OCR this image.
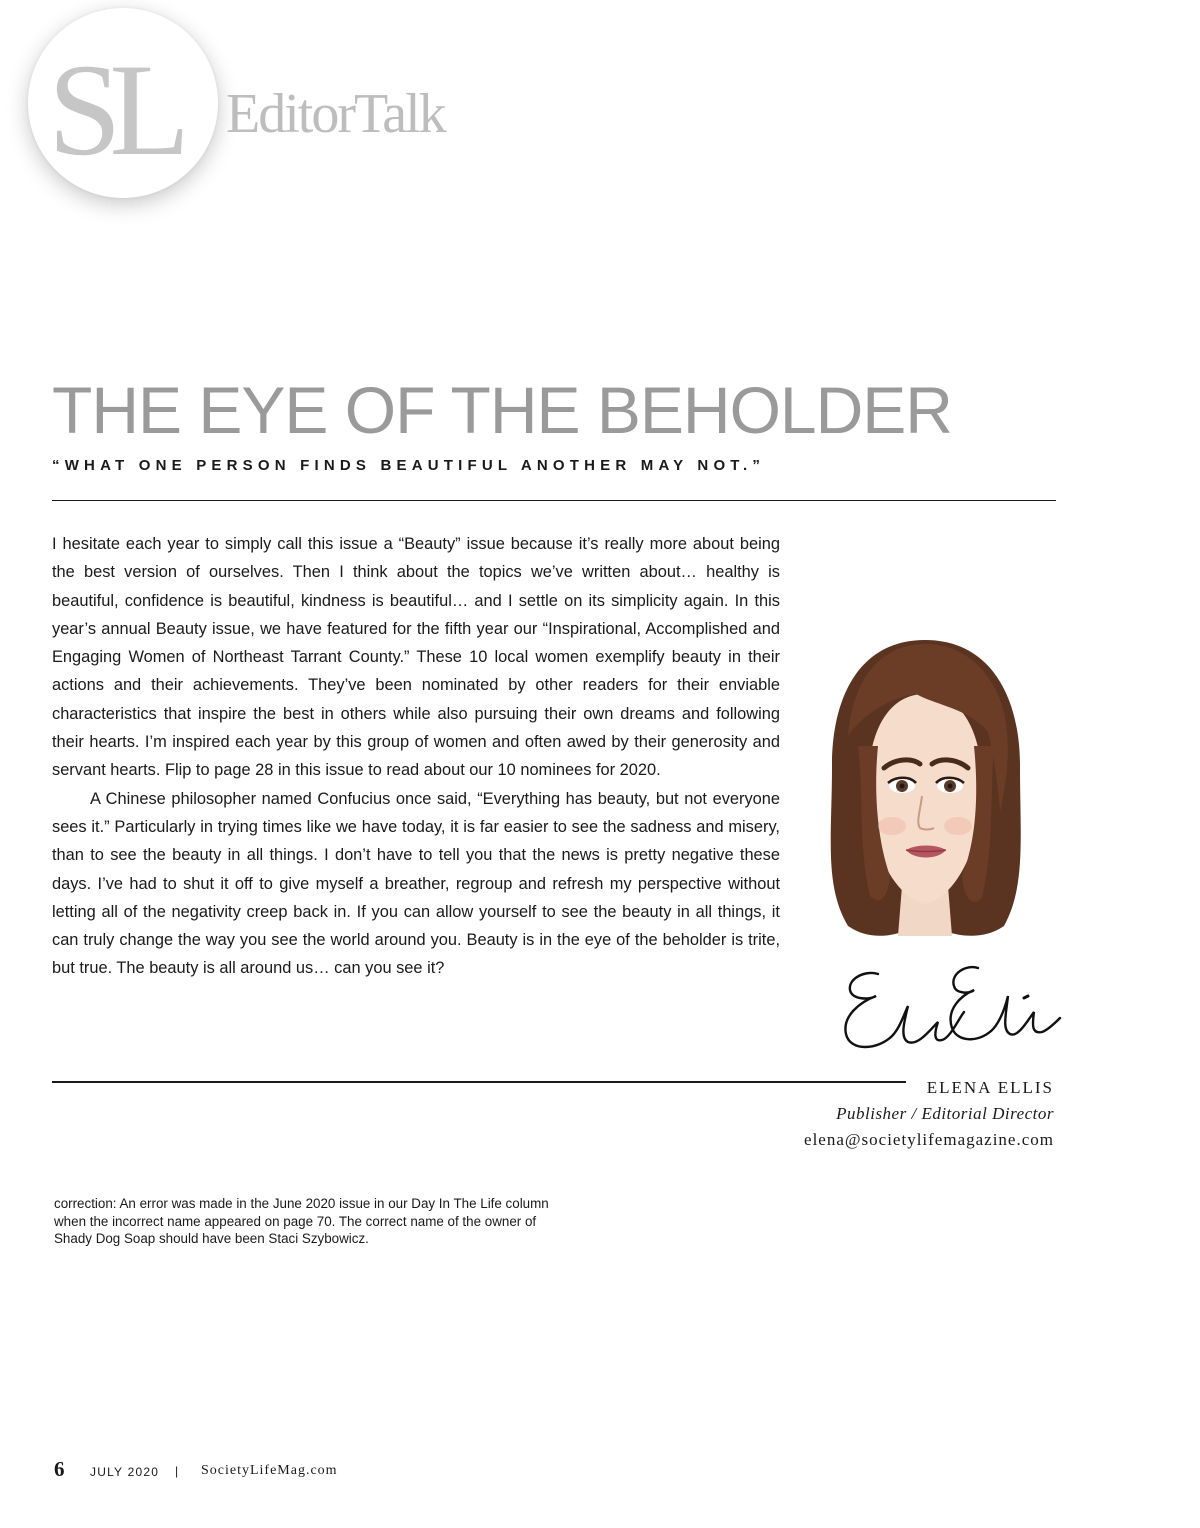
SL EditorTalk
THE EYE OF THE BEHOLDER
“WHAT ONE PERSON FINDS BEAUTIFUL ANOTHER MAY NOT.”

I hesitate each year to simply call this issue a “Beauty” issue because it’s really more about being the best version of ourselves. Then I think about the topics we’ve written about… healthy is beautiful, confidence is beautiful, kindness is beautiful… and I settle on its simplicity again. In this year’s annual Beauty issue, we have featured for the fifth year our “Inspirational, Accomplished and Engaging Women of Northeast Tarrant County.” These 10 local women exemplify beauty in their actions and their achievements. They’ve been nominated by other readers for their enviable characteristics that inspire the best in others while also pursuing their own dreams and following their hearts. I’m inspired each year by this group of women and often awed by their generosity and servant hearts. Flip to page 28 in this issue to read about our 10 nominees for 2020.

A Chinese philosopher named Confucius once said, “Everything has beauty, but not everyone sees it.” Particularly in trying times like we have today, it is far easier to see the sadness and misery, than to see the beauty in all things. I don’t have to tell you that the news is pretty negative these days. I’ve had to shut it off to give myself a breather, regroup and refresh my perspective without letting all of the negativity creep back in. If you can allow yourself to see the beauty in all things, it can truly change the way you see the world around you. Beauty is in the eye of the beholder is trite, but true. The beauty is all around us… can you see it?

ELENA ELLIS
Publisher / Editorial Director
elena@societylifemagazine.com

correction: An error was made in the June 2020 issue in our Day In The Life column when the incorrect name appeared on page 70. The correct name of the owner of Shady Dog Soap should have been Staci Szybowicz.

6 JULY 2020 | SocietyLifeMag.com
